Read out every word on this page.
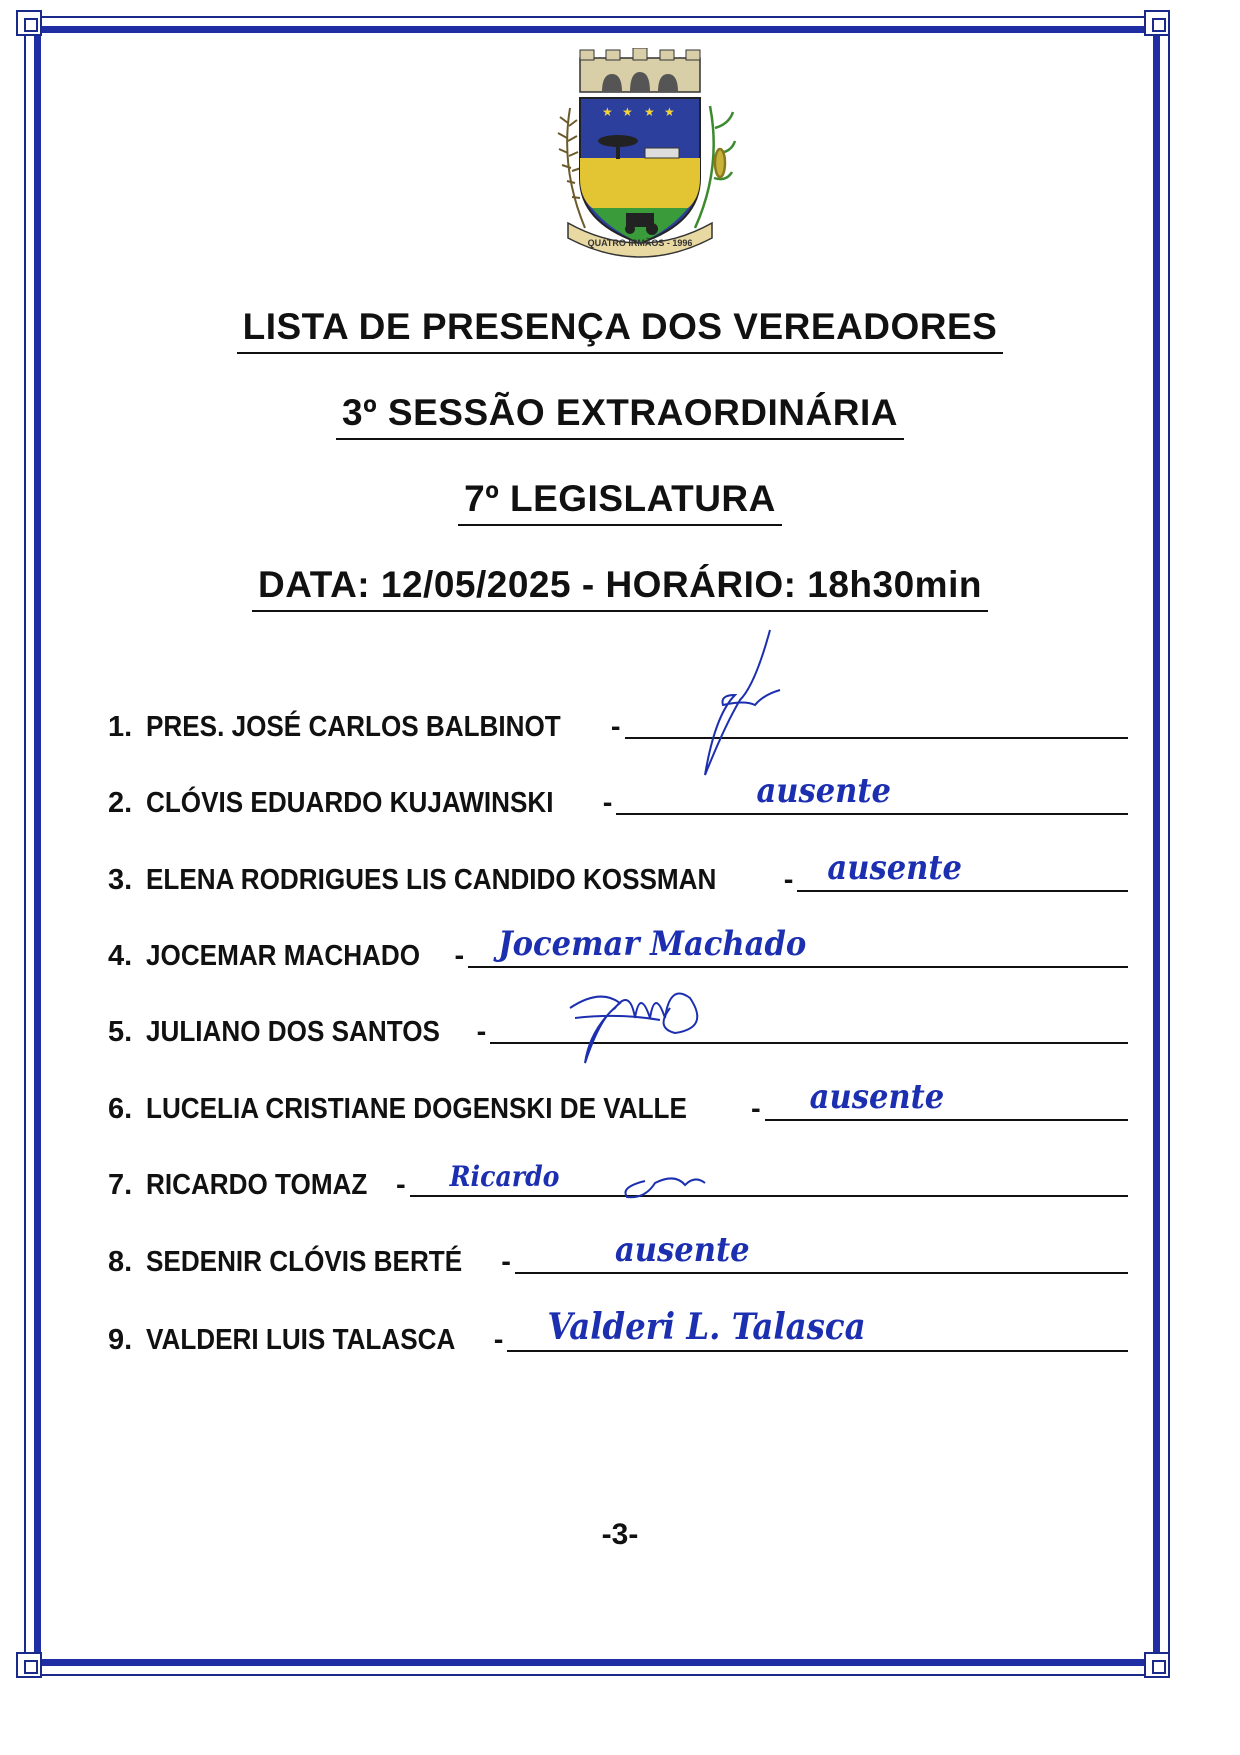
★ ★ ★ ★
QUATRO IRMÃOS - 1996
LISTA DE PRESENÇA DOS VEREADORES
3º SESSÃO EXTRAORDINÁRIA
7º LEGISLATURA
DATA: 12/05/2025 - HORÁRIO: 18h30min
1. PRES. JOSÉ CARLOS BALBINOT -
2. CLÓVIS EDUARDO KUJAWINSKI -	ausente
3. ELENA RODRIGUES LIS CANDIDO KOSSMAN - ausente
4. JOCEMAR MACHADO - Jocemar Machado
5. JULIANO DOS SANTOS -
6. LUCELIA CRISTIANE DOGENSKI DE VALLE - ausente
7. RICARDO TOMAZ - Ricardo
8. SEDENIR CLÓVIS BERTÉ -	ausente
9. VALDERI LUIS TALASCA - Valderi L. Talasca
-3-
